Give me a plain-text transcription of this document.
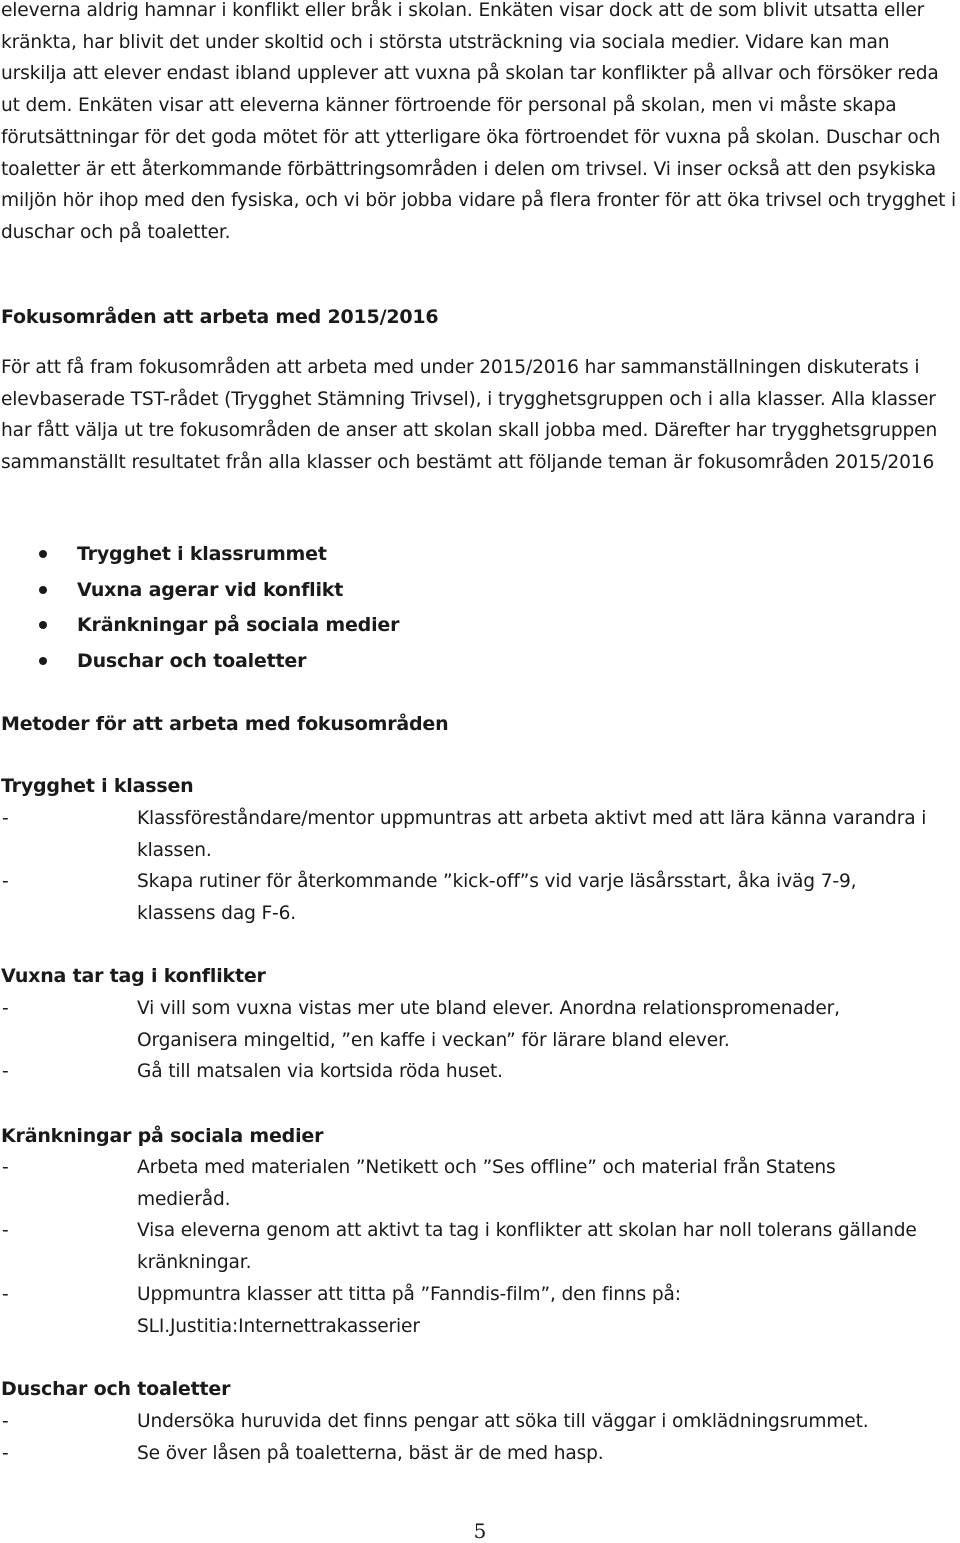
eleverna aldrig hamnar i konflikt eller bråk i skolan. Enkäten visar dock att de som blivit utsatta eller kränkta, har blivit det under skoltid och i största utsträckning via sociala medier. Vidare kan man urskilja att elever endast ibland upplever att vuxna på skolan tar konflikter på allvar och försöker reda ut dem. Enkäten visar att eleverna känner förtroende för personal på skolan, men vi måste skapa förutsättningar för det goda mötet för att ytterligare öka förtroendet för vuxna på skolan. Duschar och toaletter är ett återkommande förbättringsområden i delen om trivsel. Vi inser också att den psykiska miljön hör ihop med den fysiska, och vi bör jobba vidare på flera fronter för att öka trivsel och trygghet i duschar och på toaletter.

Fokusområden att arbeta med 2015/2016

För att få fram fokusområden att arbeta med under 2015/2016 har sammanställningen diskuterats i elevbaserade TST-rådet (Trygghet Stämning Trivsel), i trygghetsgruppen och i alla klasser. Alla klasser har fått välja ut tre fokusområden de anser att skolan skall jobba med. Därefter har trygghetsgruppen sammanställt resultatet från alla klasser och bestämt att följande teman är fokusområden 2015/2016

Trygghet i klassrummet
Vuxna agerar vid konflikt
Kränkningar på sociala medier
Duschar och toaletter
Metoder för att arbeta med fokusområden
Trygghet i klassen
-	Klassföreståndare/mentor uppmuntras att arbeta aktivt med att lära känna varandra i klassen.
-	Skapa rutiner för återkommande ”kick-off”s vid varje läsårsstart, åka iväg 7-9, klassens dag F-6.
Vuxna tar tag i konflikter
-	Vi vill som vuxna vistas mer ute bland elever. Anordna relationspromenader, Organisera mingeltid, ”en kaffe i veckan” för lärare bland elever.
-	Gå till matsalen via kortsida röda huset.
Kränkningar på sociala medier
-	Arbeta med materialen ”Netikett och ”Ses offline” och material från Statens medieråd.
-	Visa eleverna genom att aktivt ta tag i konflikter att skolan har noll tolerans gällande kränkningar.
-	Uppmuntra klasser att titta på ”Fanndis-film”, den finns på: SLI.Justitia:Internettrakasserier
Duschar och toaletter
-	Undersöka huruvida det finns pengar att söka till väggar i omklädningsrummet.
-	Se över låsen på toaletterna, bäst är de med hasp.
5
